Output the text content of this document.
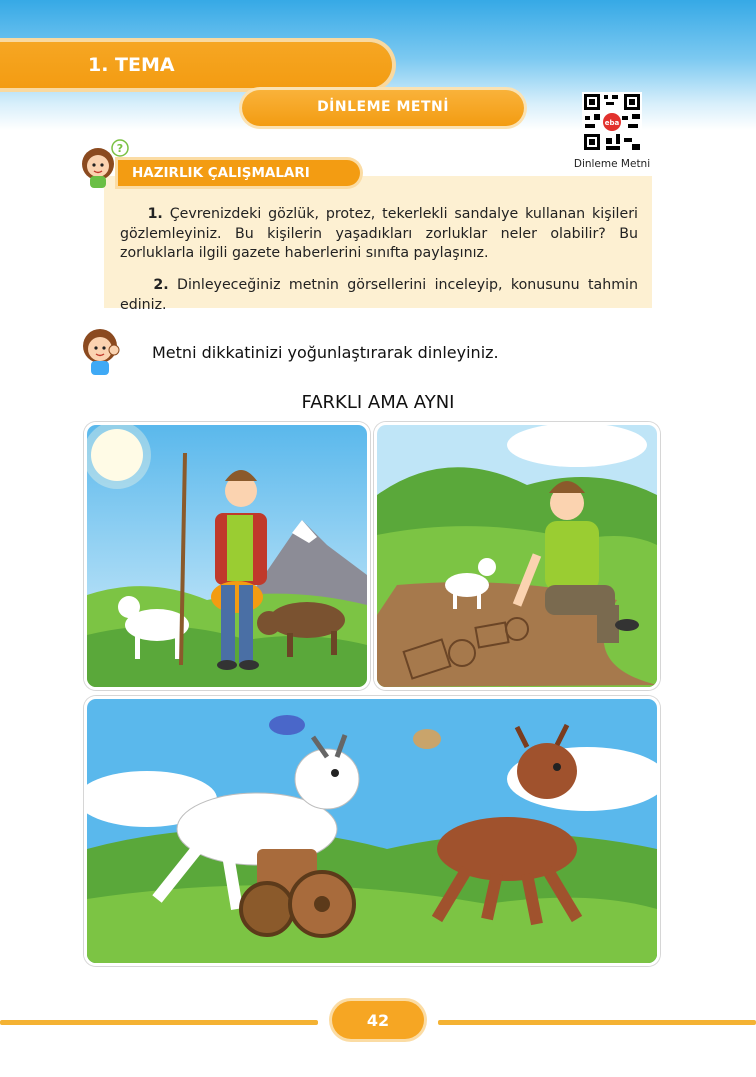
1. TEMA
DİNLEME METNİ
eba
Dinleme Metni
?
HAZIRLIK ÇALIŞMALARI
1. Çevrenizdeki gözlük, protez, tekerlekli sandalye kullanan kişileri gözlemleyiniz. Bu kişilerin yaşadıkları zorluklar neler olabilir? Bu zorluklarla ilgili gazete haberlerini sınıfta paylaşınız.
2. Dinleyeceğiniz metnin görsellerini inceleyip, konusunu tahmin ediniz.
Metni dikkatinizi yoğunlaştırarak dinleyiniz.
FARKLI AMA AYNI
42
